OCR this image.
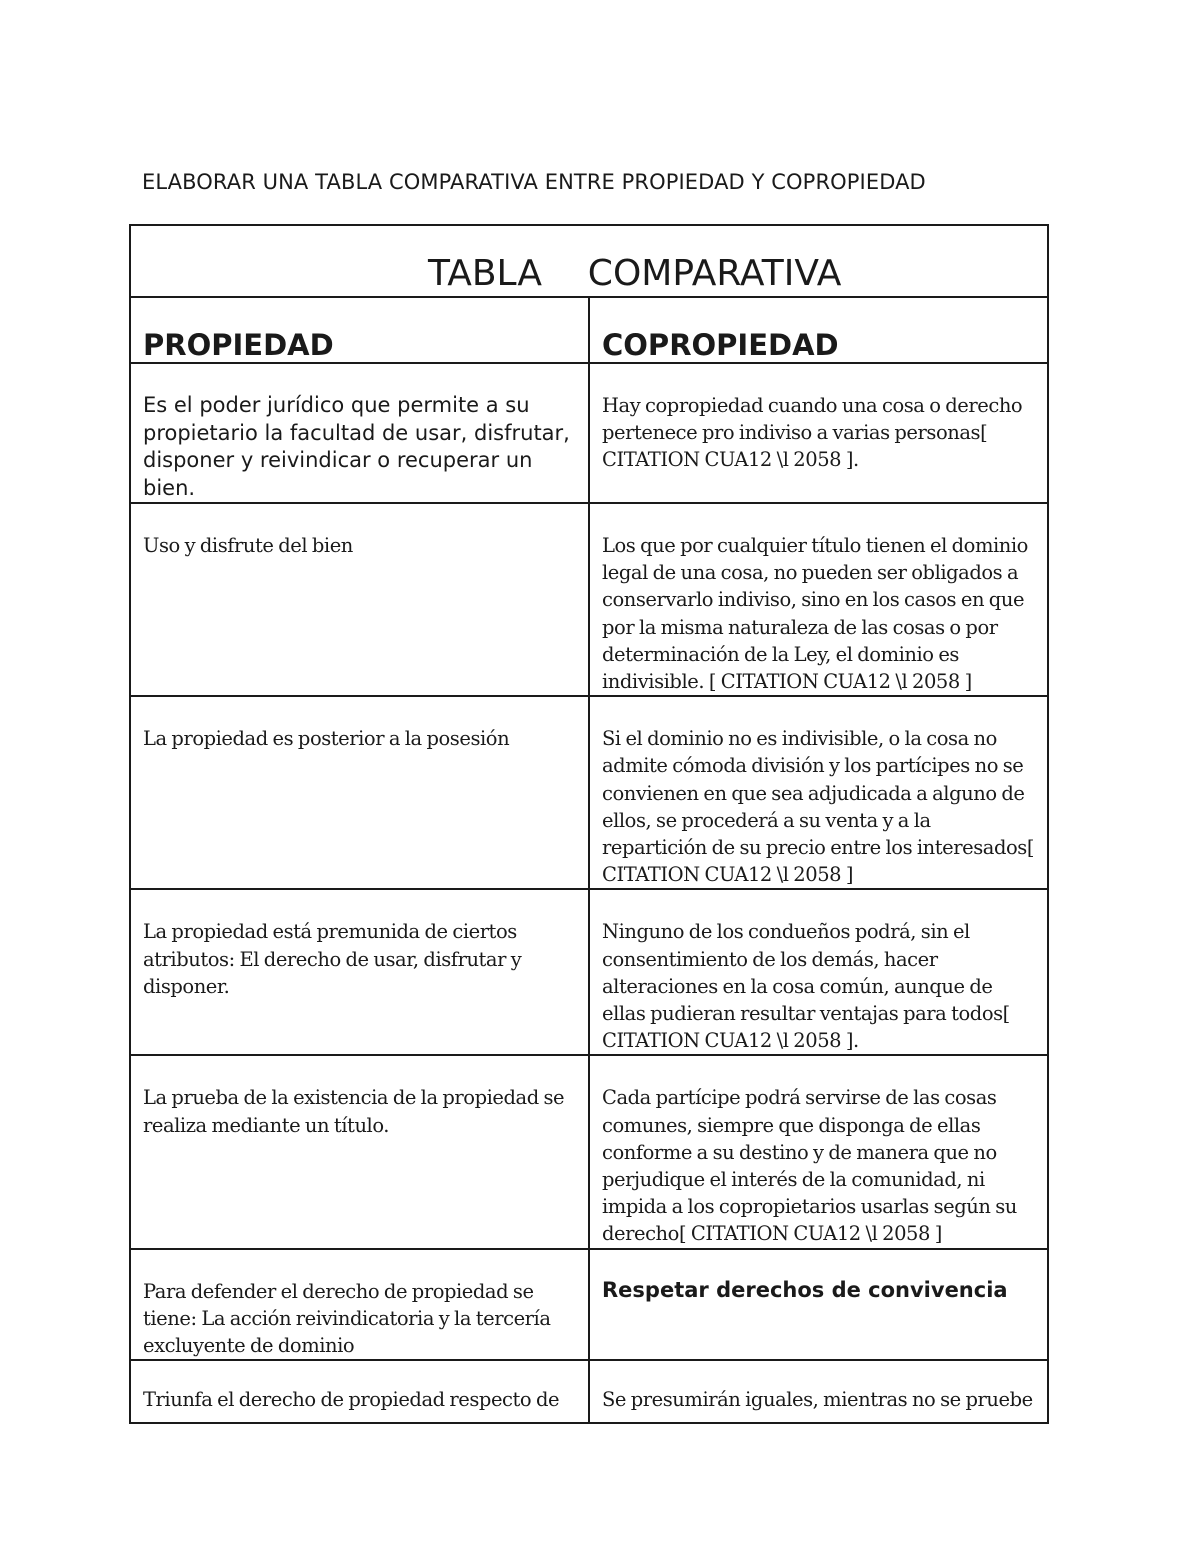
ELABORAR UNA TABLA COMPARATIVA ENTRE PROPIEDAD Y COPROPIEDAD
TABLA    COMPARATIVA	

PROPIEDAD	COPROPIEDAD

Es el poder jurídico que permite a su propietario la facultad de usar, disfrutar, disponer y reivindicar o recuperar un bien.	Hay copropiedad cuando una cosa o derecho pertenece pro indiviso a varias personas[ CITATION CUA12 \l 2058 ].

Uso y disfrute del bien	Los que por cualquier título tienen el dominio legal de una cosa, no pueden ser obligados a conservarlo indiviso, sino en los casos en que por la misma naturaleza de las cosas o por determinación de la Ley, el dominio es indivisible. [ CITATION CUA12 \l 2058 ]

La propiedad es posterior a la posesión	Si el dominio no es indivisible, o la cosa no admite cómoda división y los partícipes no se convienen en que sea adjudicada a alguno de ellos, se procederá a su venta y a la repartición de su precio entre los interesados[ CITATION CUA12 \l 2058 ]

La propiedad está premunida de ciertos atributos: El derecho de usar, disfrutar y disponer.	Ninguno de los condueños podrá, sin el consentimiento de los demás, hacer alteraciones en la cosa común, aunque de ellas pudieran resultar ventajas para todos[ CITATION CUA12 \l 2058 ].

La prueba de la existencia de la propiedad se realiza mediante un título.	Cada partícipe podrá servirse de las cosas comunes, siempre que disponga de ellas conforme a su destino y de manera que no perjudique el interés de la comunidad, ni impida a los copropietarios usarlas según su derecho[ CITATION CUA12 \l 2058 ]

Para defender el derecho de propiedad se tiene: La acción reivindicatoria y la tercería excluyente de dominio	Respetar derechos de convivencia

Triunfa el derecho de propiedad respecto de	Se presumirán iguales, mientras no se pruebe
